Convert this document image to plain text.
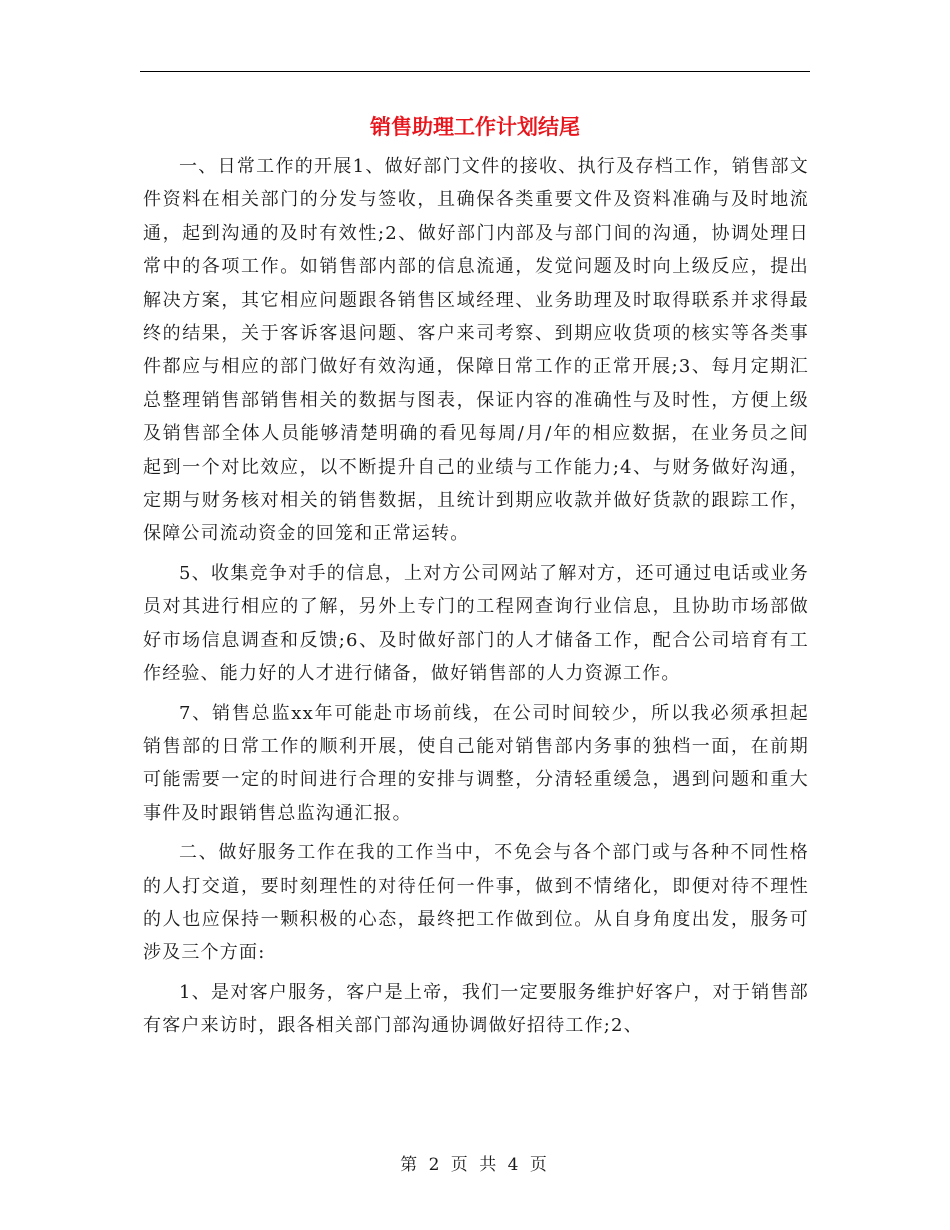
销售助理工作计划结尾

一、日常工作的开展1、做好部门文件的接收、执行及存档工作，销售部文件资料在相关部门的分发与签收，且确保各类重要文件及资料准确与及时地流通，起到沟通的及时有效性;2、做好部门内部及与部门间的沟通，协调处理日常中的各项工作。如销售部内部的信息流通，发觉问题及时向上级反应，提出解决方案，其它相应问题跟各销售区域经理、业务助理及时取得联系并求得最终的结果，关于客诉客退问题、客户来司考察、到期应收货项的核实等各类事件都应与相应的部门做好有效沟通，保障日常工作的正常开展;3、每月定期汇总整理销售部销售相关的数据与图表，保证内容的准确性与及时性，方便上级及销售部全体人员能够清楚明确的看见每周/月/年的相应数据，在业务员之间起到一个对比效应，以不断提升自己的业绩与工作能力;4、与财务做好沟通，定期与财务核对相关的销售数据，且统计到期应收款并做好货款的跟踪工作，保障公司流动资金的回笼和正常运转。

5、收集竞争对手的信息，上对方公司网站了解对方，还可通过电话或业务员对其进行相应的了解，另外上专门的工程网查询行业信息，且协助市场部做好市场信息调查和反馈;6、及时做好部门的人才储备工作，配合公司培育有工作经验、能力好的人才进行储备，做好销售部的人力资源工作。

7、销售总监xx年可能赴市场前线，在公司时间较少，所以我必须承担起销售部的日常工作的顺利开展，使自己能对销售部内务事的独档一面，在前期可能需要一定的时间进行合理的安排与调整，分清轻重缓急，遇到问题和重大事件及时跟销售总监沟通汇报。

二、做好服务工作在我的工作当中，不免会与各个部门或与各种不同性格的人打交道，要时刻理性的对待任何一件事，做到不情绪化，即便对待不理性的人也应保持一颗积极的心态，最终把工作做到位。从自身角度出发，服务可涉及三个方面:

1、是对客户服务，客户是上帝，我们一定要服务维护好客户，对于销售部有客户来访时，跟各相关部门部沟通协调做好招待工作;2、

第 2 页 共 4 页
